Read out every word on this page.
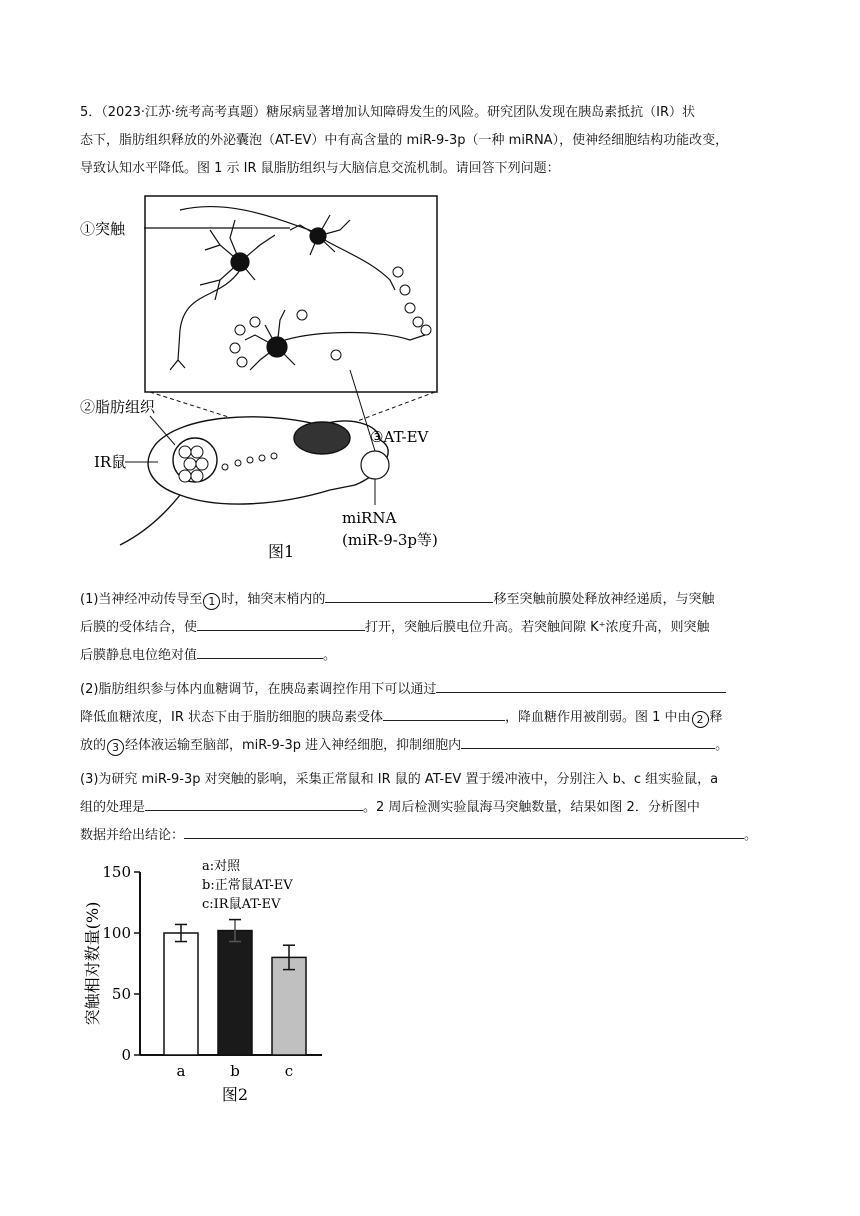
5．（2023·江苏·统考高考真题）糖尿病显著增加认知障碍发生的风险。研究团队发现在胰岛素抵抗（IR）状

态下，脂肪组织释放的外泌囊泡（AT-EV）中有高含量的 miR-9-3p（一种 miRNA），使神经细胞结构功能改变，

导致认知水平降低。图 1 示 IR 鼠脂肪组织与大脑信息交流机制。请回答下列问题：

①突触
③AT-EV
②脂肪组织
IR鼠
miRNA
(miR-9-3p等)
图1

(1)当神经冲动传导至 1 时，轴突末梢内的	移至突触前膜处释放神经递质，与突触

后膜的受体结合，使	打开，突触后膜电位升高。若突触间隙 K⁺浓度升高，则突触

后膜静息电位绝对值	。

(2)脂肪组织参与体内血糖调节，在胰岛素调控作用下可以通过

降低血糖浓度，IR 状态下由于脂肪细胞的胰岛素受体	，降血糖作用被削弱。图 1 中由 2 释

放的 3 经体液运输至脑部，miR-9-3p 进入神经细胞，抑制细胞内	。

(3)为研究 miR-9-3p 对突触的影响，采集正常鼠和 IR 鼠的 AT-EV 置于缓冲液中，分别注入 b、c 组实验鼠，a

组的处理是	。2 周后检测实验鼠海马突触数量，结果如图 2．分析图中

数据并给出结论：	。

0
50
100
150
突触相对数量(%)
a	b	c
a:对照
b:正常鼠AT-EV
c:IR鼠AT-EV
图2
